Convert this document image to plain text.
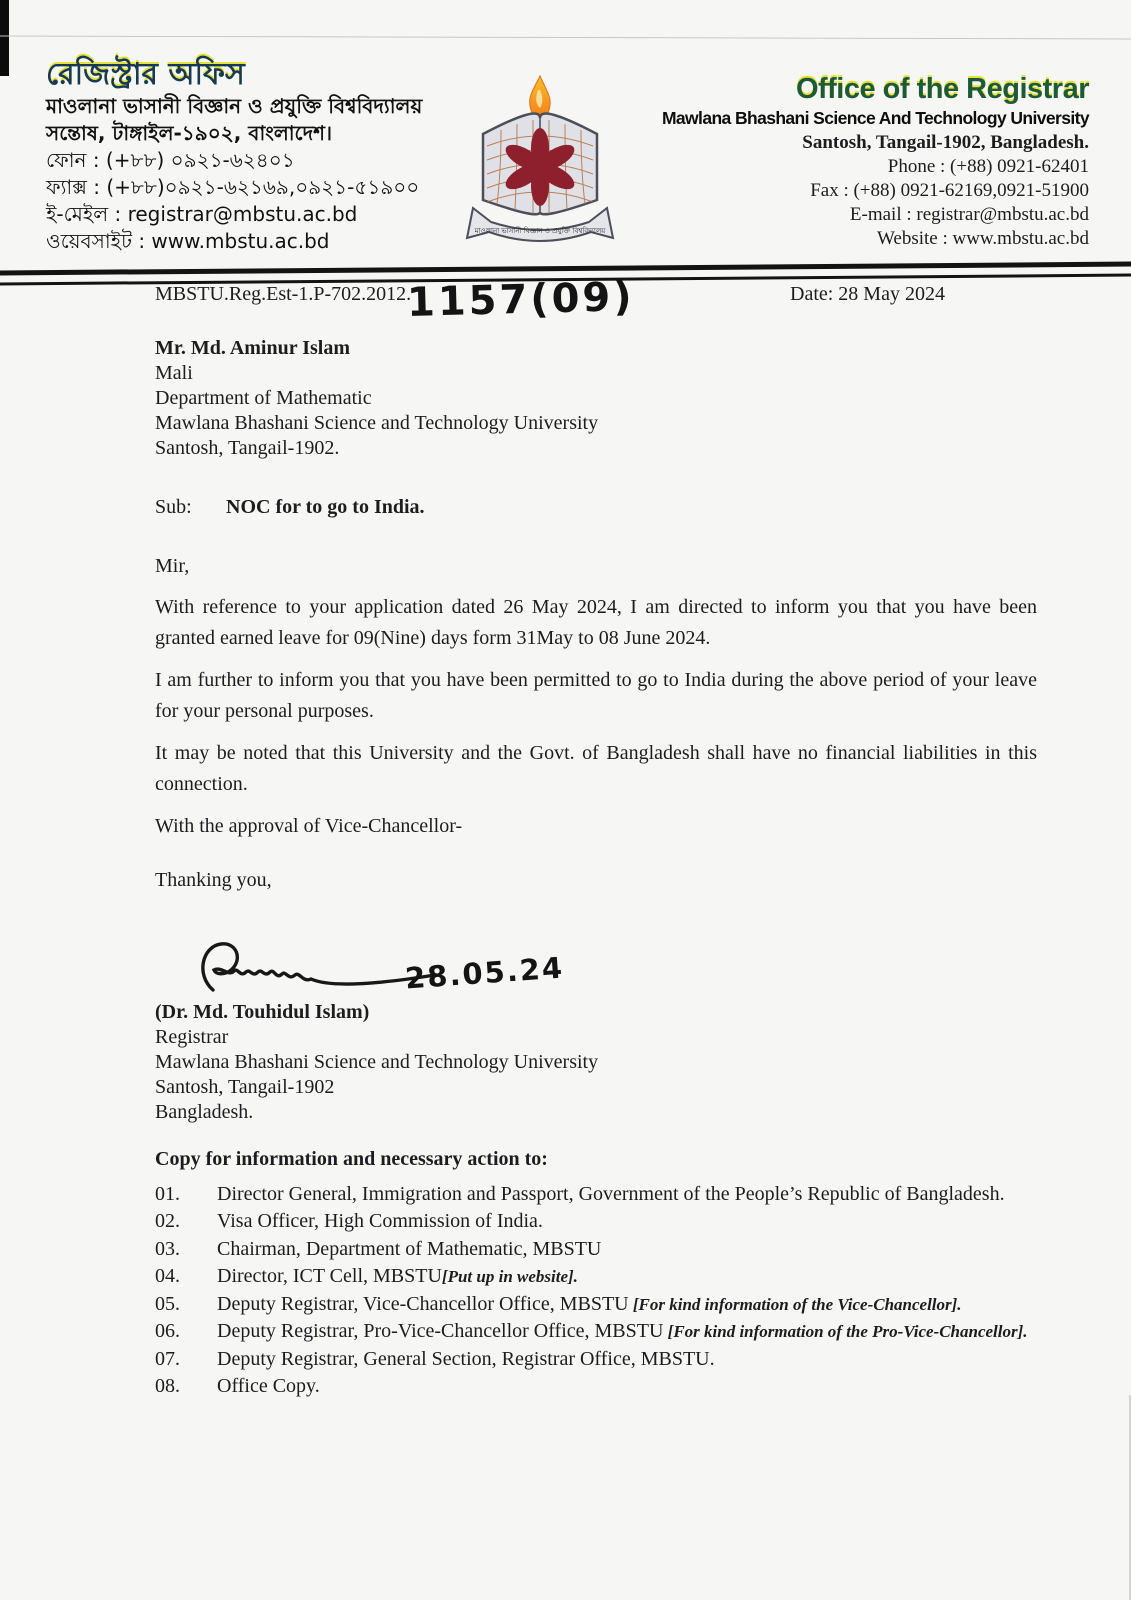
রেজিস্ট্রার অফিস
মাওলানা ভাসানী বিজ্ঞান ও প্রযুক্তি বিশ্ববিদ্যালয়
সন্তোষ, টাঙ্গাইল-১৯০২, বাংলাদেশ।
ফোন : (+৮৮) ০৯২১-৬২৪০১
ফ্যাক্স : (+৮৮)০৯২১-৬২১৬৯,০৯২১-৫১৯০০
ই-মেইল : registrar@mbstu.ac.bd
ওয়েবসাইট : www.mbstu.ac.bd	মাওলানা ভাসানী বিজ্ঞান ও প্রযুক্তি বিশ্ববিদ্যালয়
Office of the Registrar
Mawlana Bhashani Science And Technology University
Santosh, Tangail-1902, Bangladesh.
Phone : (+88) 0921-62401
Fax : (+88) 0921-62169,0921-51900
E-mail : registrar@mbstu.ac.bd
Website : www.mbstu.ac.bd
MBSTU.Reg.Est-1.P-702.2012.
1157(09)	Date: 28 May 2024
Mr. Md. Aminur Islam
Mali
Department of Mathematic
Mawlana Bhashani Science and Technology University
Santosh, Tangail-1902.
Sub: NOC for to go to India.
Mir,

With reference to your application dated 26 May 2024, I am directed to inform you that you have been granted earned leave for 09(Nine) days form 31May to 08 June 2024.

I am further to inform you that you have been permitted to go to India during the above period of your leave for your personal purposes.

It may be noted that this University and the Govt. of Bangladesh shall have no financial liabilities in this connection.

With the approval of Vice-Chancellor-

Thanking you,
28.05.24
(Dr. Md. Touhidul Islam)
Registrar
Mawlana Bhashani Science and Technology University
Santosh, Tangail-1902
Bangladesh.
Copy for information and necessary action to:
01.	Director General, Immigration and Passport, Government of the People’s Republic of Bangladesh.
02.	Visa Officer, High Commission of India.
03.	Chairman, Department of Mathematic, MBSTU
04.	Director, ICT Cell, MBSTU[Put up in website].
05.	Deputy Registrar, Vice-Chancellor Office, MBSTU [For kind information of the Vice-Chancellor].
06.	Deputy Registrar, Pro-Vice-Chancellor Office, MBSTU [For kind information of the Pro-Vice-Chancellor].
07.	Deputy Registrar, General Section, Registrar Office, MBSTU.
08.	Office Copy.
